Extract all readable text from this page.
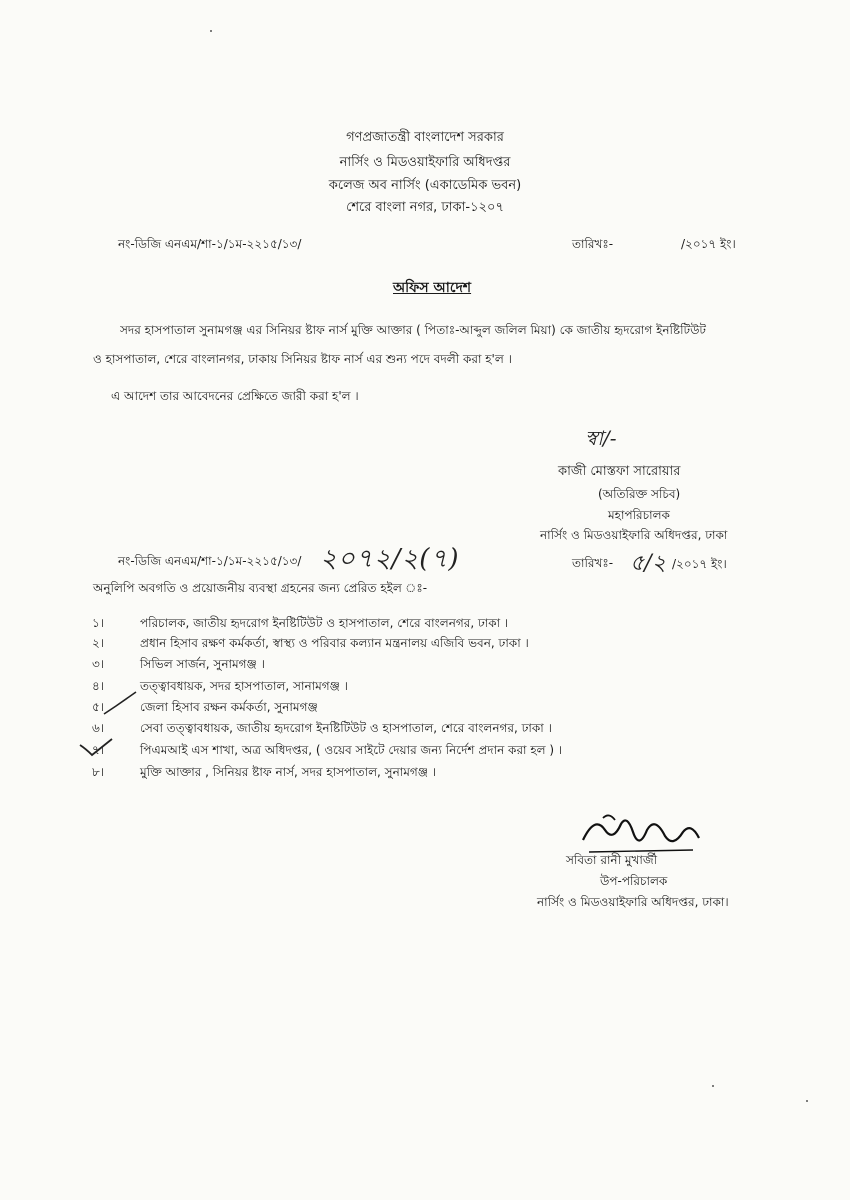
গণপ্রজাতন্ত্রী বাংলাদেশ সরকার
নার্সিং ও মিডওয়াইফারি অধিদপ্তর
কলেজ অব নার্সিং (একাডেমিক ভবন)
শেরে বাংলা নগর, ঢাকা-১২০৭
নং-ডিজি এনএম/শা-১/১ম-২২১৫/১৩/	তারিখঃ-	/২০১৭ ইং।
অফিস আদেশ
সদর হাসপাতাল সুনামগঞ্জ এর সিনিয়র ষ্টাফ নার্স মুক্তি আক্তার ( পিতাঃ-আব্দুল জলিল মিয়া) কে জাতীয় হৃদরোগ ইনষ্টিটিউট
ও হাসপাতাল, শেরে বাংলানগর, ঢাকায় সিনিয়র ষ্টাফ নার্স এর শুন্য পদে বদলী করা হ'ল ।
এ আদেশ তার আবেদনের প্রেক্ষিতে জারী করা হ'ল ।
স্বা/-
কাজী মোস্তফা সারোয়ার
(অতিরিক্ত সচিব)
মহাপরিচালক
নার্সিং ও মিডওয়াইফারি অধিদপ্তর, ঢাকা
নং-ডিজি এনএম/শা-১/১ম-২২১৫/১৩/ ২০৭২/২(৭)	তারিখঃ- ৫/২ /২০১৭ ইং।
অনুলিপি অবগতি ও প্রয়োজনীয় ব্যবস্থা গ্রহনের জন্য প্রেরিত হইল ঃ-
১।	পরিচালক, জাতীয় হৃদরোগ ইনষ্টিটিউট ও হাসপাতাল, শেরে বাংলনগর, ঢাকা ।
২।	প্রধান হিসাব রক্ষণ কর্মকর্তা, স্বাস্থ্য ও পরিবার কল্যান মন্ত্রনালয় এজিবি ভবন, ঢাকা ।
৩।	সিভিল সার্জন, সুনামগঞ্জ ।
৪।	তত্ত্বাবধায়ক, সদর হাসপাতাল, সানামগঞ্জ ।
৫।	জেলা হিসাব রক্ষন কর্মকর্তা, সুনামগঞ্জ
৬।	সেবা তত্ত্বাবধায়ক, জাতীয় হৃদরোগ ইনষ্টিটিউট ও হাসপাতাল, শেরে বাংলনগর, ঢাকা ।
৭।	পিএমআই এস শাখা, অত্র অধিদপ্তর, ( ওয়েব সাইটে দেয়ার জন্য নির্দেশ প্রদান করা হল ) ।
৮।	মুক্তি আক্তার , সিনিয়র ষ্টাফ নার্স, সদর হাসপাতাল, সুনামগঞ্জ ।
সবিতা রানী মুখার্জী
উপ-পরিচালক
নার্সিং ও মিডওয়াইফারি অধিদপ্তর, ঢাকা।
